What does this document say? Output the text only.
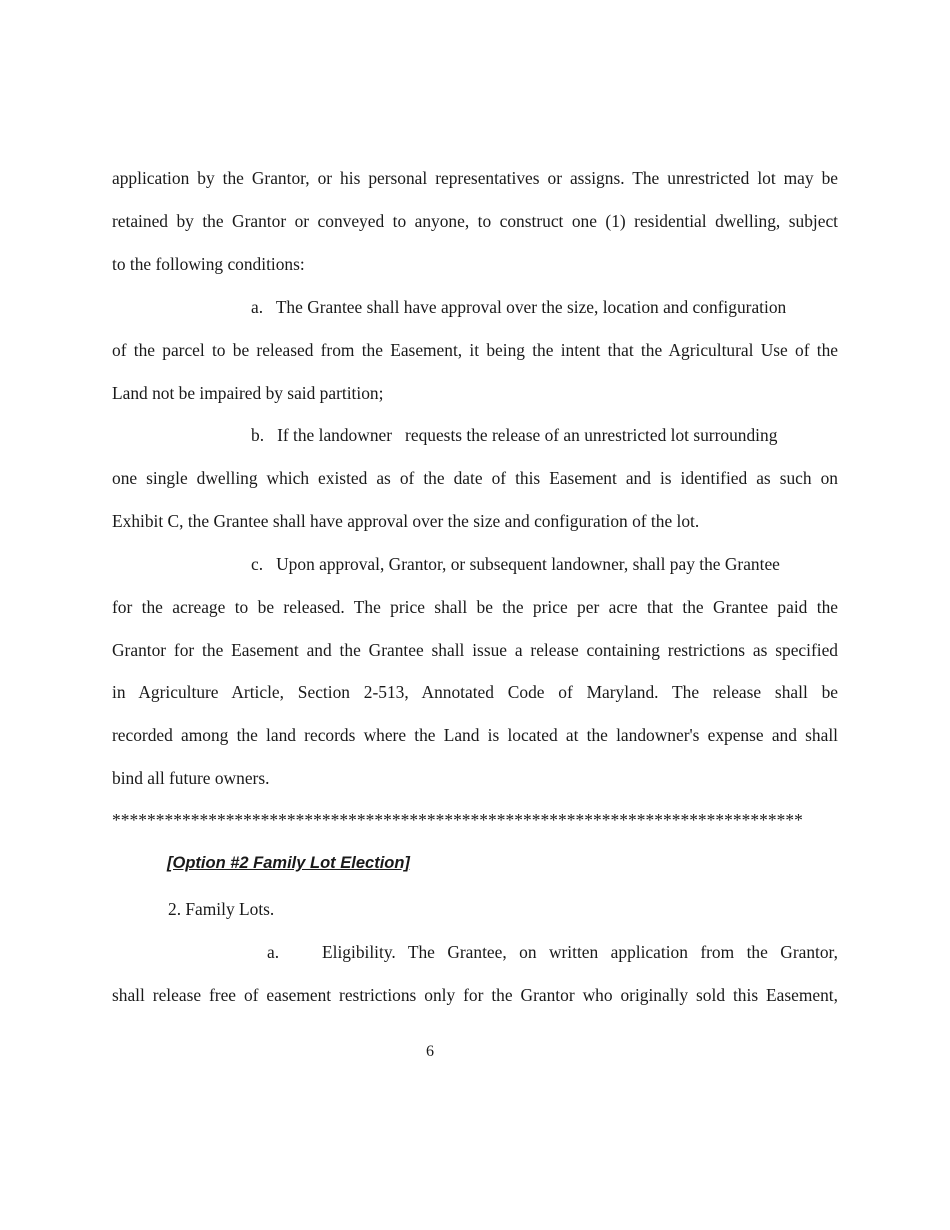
application by the Grantor, or his personal representatives or assigns. The unrestricted lot may be
retained by the Grantor or conveyed to anyone, to construct one (1) residential dwelling, subject
to the following conditions:
a. The Grantee shall have approval over the size, location and configuration
of the parcel to be released from the Easement, it being the intent that the Agricultural Use of the
Land not be impaired by said partition;
b. If the landowner   requests the release of an unrestricted lot surrounding
one single dwelling which existed as of the date of this Easement and is identified as such on
Exhibit C, the Grantee shall have approval over the size and configuration of the lot.
c. Upon approval, Grantor, or subsequent landowner, shall pay the Grantee
for the acreage to be released. The price shall be the price per acre that the Grantee paid the
Grantor for the Easement and the Grantee shall issue a release containing restrictions as specified
in Agriculture Article, Section 2-513, Annotated Code of Maryland. The release shall be
recorded among the land records where the Land is located at the landowner's expense and shall
bind all future owners.
*******************************************************************************
[Option #2 Family Lot Election]
2. Family Lots.
a. Eligibility. The Grantee, on written application from the Grantor,
shall release free of easement restrictions only for the Grantor who originally sold this Easement,
6
